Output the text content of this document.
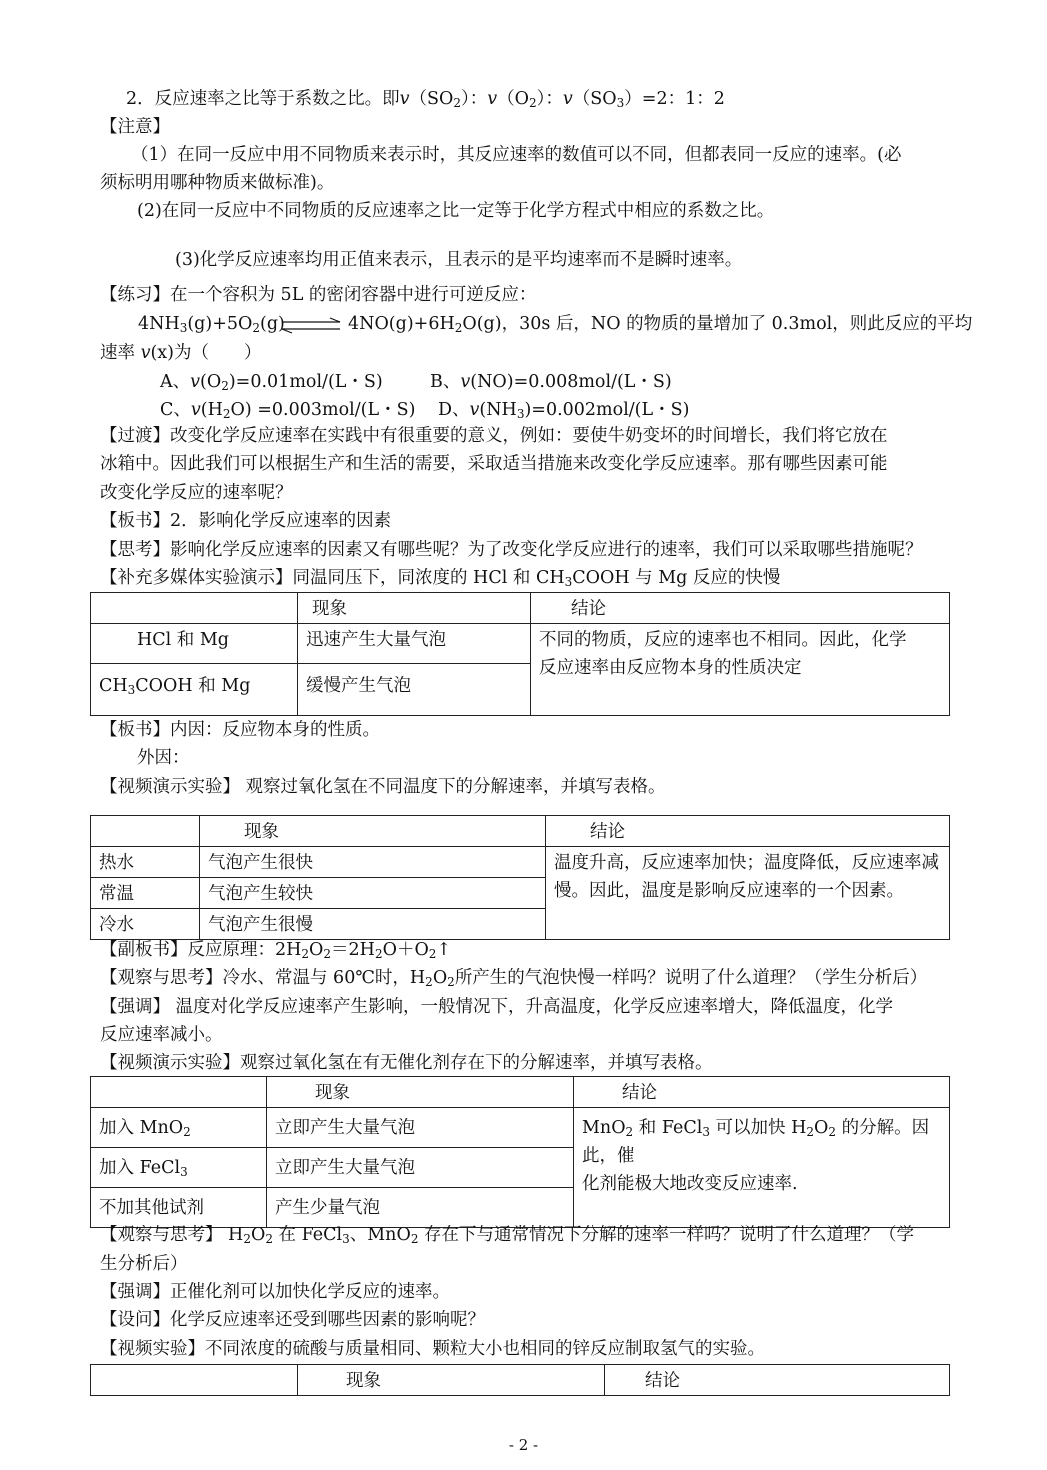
2．反应速率之比等于系数之比。即$v(SO_2)$：$v(O_2)$：$v(SO_3)=2$：1：2
【注意】
（1）在同一反应中用不同物质来表示时，其反应速率的数值可以不同，但都表同一反应的速率。(必
须标明用哪种物质来做标准)。
(2)在同一反应中不同物质的反应速率之比一定等于化学方程式中相应的系数之比。
(3)化学反应速率均用正值来表示，且表示的是平均速率而不是瞬时速率。
【练习】在一个容积为 5L 的密闭容器中进行可逆反应：
$4NH_3(g)+5O_2(g)$ ⇌ $4NO(g)+6H_2O(g)$，30s 后，NO 的物质的量增加了 0.3mol，则此反应的平均
速率 v(x)为（　　）
A、$v(O_2)=0.01mol/(L$・S)	B、v(NO)=0.008mol/(L・S)
C、$v(H_2O) =0.003mol/(L$・S) D、$v(NH_3)=0.002mol/(L$・S)
【过渡】改变化学反应速率在实践中有很重要的意义，例如：要使牛奶变坏的时间增长，我们将它放在
冰箱中。因此我们可以根据生产和生活的需要，采取适当措施来改变化学反应速率。那有哪些因素可能
改变化学反应的速率呢？
【板书】2．影响化学反应速率的因素
【思考】影响化学反应速率的因素又有哪些呢？为了改变化学反应进行的速率，我们可以采取哪些措施呢？
【补充多媒体实验演示】同温同压下，同浓度的 HCl 和 $CH_3COOH$ 与 Mg 反应的快慢
	现象	结论
HCl 和 Mg	迅速产生大量气泡	不同的物质，反应的速率也不相同。因此，化学
反应速率由反应物本身的性质决定
$CH_3COOH$ 和 Mg	缓慢产生气泡	
【板书】内因：反应物本身的性质。
外因：
【视频演示实验】 观察过氧化氢在不同温度下的分解速率，并填写表格。
	现象	结论
热水	气泡产生很快	温度升高，反应速率加快；温度降低，反应速率减
慢。因此，温度是影响反应速率的一个因素。
常温	气泡产生较快	
冷水	气泡产生很慢	
【副板书】反应原理：$2H_2O_2=2H_2O+O_2↑$
【观察与思考】冷水、常温与 60℃时，$H_2O_2$所产生的气泡快慢一样吗？说明了什么道理？（学生分析后）
【强调】 温度对化学反应速率产生影响，一般情况下，升高温度，化学反应速率增大，降低温度，化学
反应速率减小。
【视频演示实验】观察过氧化氢在有无催化剂存在下的分解速率，并填写表格。
	现象	结论
加入 MnO$_2$	立即产生大量气泡	MnO$_2$ 和 FeCl$_3$ 可以加快 $H_2O_2$ 的分解。因此，催
化剂能极大地改变反应速率.
加入 FeCl$_3$	立即产生大量气泡	
不加其他试剂	产生少量气泡	
【观察与思考】 $H_2O_2$ 在 FeCl$_3$、MnO$_2$ 存在下与通常情况下分解的速率一样吗？说明了什么道理？（学
生分析后）
【强调】正催化剂可以加快化学反应的速率。
【设问】化学反应速率还受到哪些因素的影响呢？
【视频实验】不同浓度的硫酸与质量相同、颗粒大小也相同的锌反应制取氢气的实验。
	现象	结论
- 2 -
